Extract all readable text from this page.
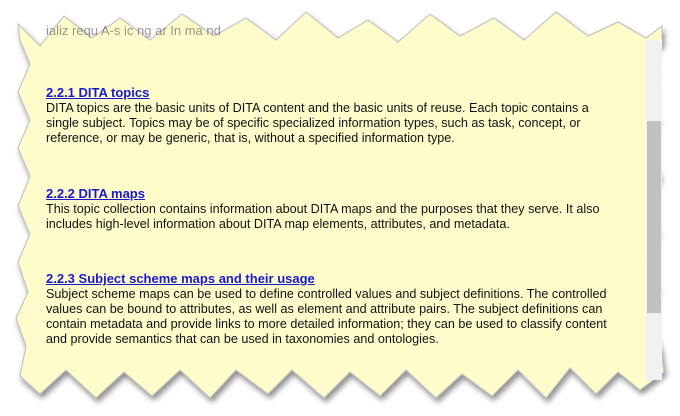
ializ requ A-s ic ng ar In ma nd
2.2.1 DITA topics

DITA topics are the basic units of DITA content and the basic units of reuse. Each topic contains a single subject. Topics may be of specific specialized information types, such as task, concept, or reference, or may be generic, that is, without a specified information type.

2.2.2 DITA maps

This topic collection contains information about DITA maps and the purposes that they serve. It also includes high-level information about DITA map elements, attributes, and metadata.

2.2.3 Subject scheme maps and their usage

Subject scheme maps can be used to define controlled values and subject definitions. The controlled values can be bound to attributes, as well as element and attribute pairs. The subject definitions can contain metadata and provide links to more detailed information; they can be used to classify content and provide semantics that can be used in taxonomies and ontologies.
